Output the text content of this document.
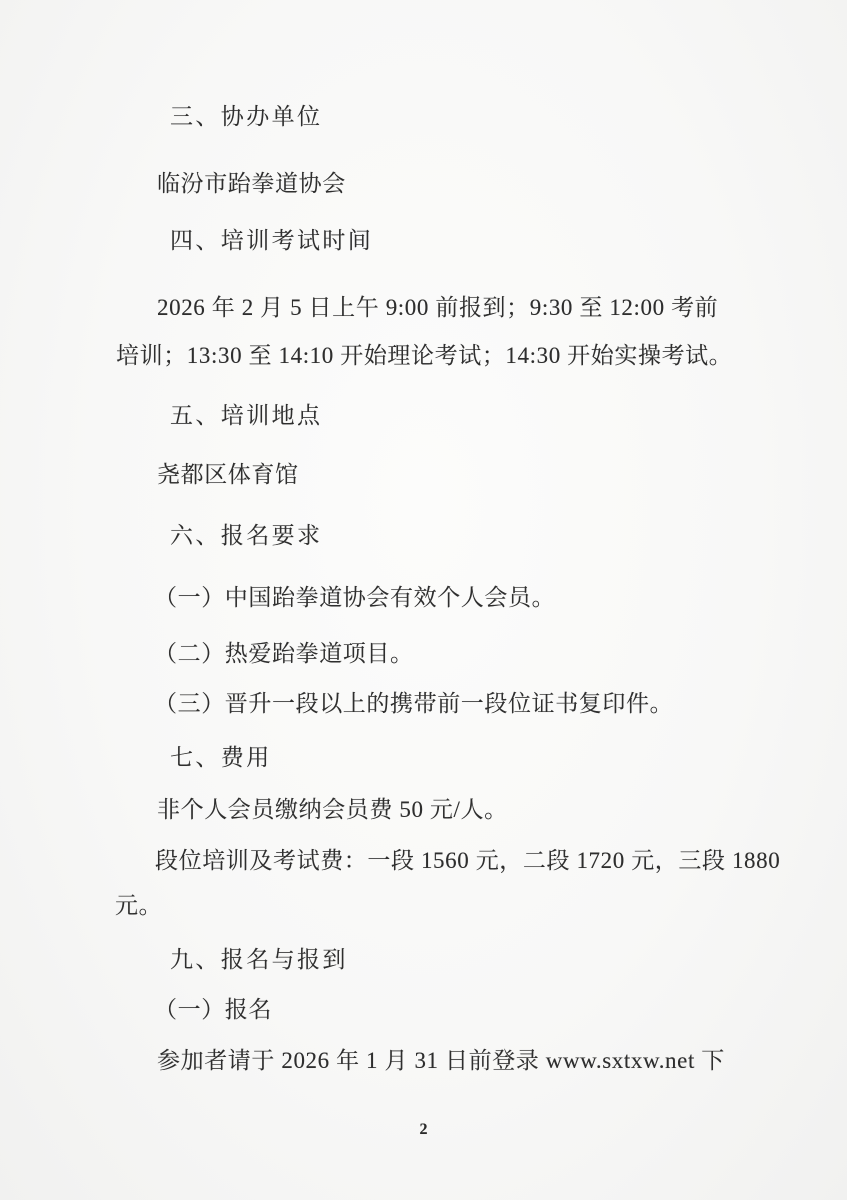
三、协办单位
临汾市跆拳道协会
四、培训考试时间
2026 年 2 月 5 日上午 9:00 前报到；9:30 至 12:00 考前
培训；13:30 至 14:10 开始理论考试；14:30 开始实操考试。
五、培训地点
尧都区体育馆
六、报名要求
（一）中国跆拳道协会有效个人会员。
（二）热爱跆拳道项目。
（三）晋升一段以上的携带前一段位证书复印件。
七、费用
非个人会员缴纳会员费 50 元/人。
段位培训及考试费：一段 1560 元，二段 1720 元，三段 1880
元。
九、报名与报到
（一）报名
参加者请于 2026 年 1 月 31 日前登录 www.sxtxw.net 下
2
